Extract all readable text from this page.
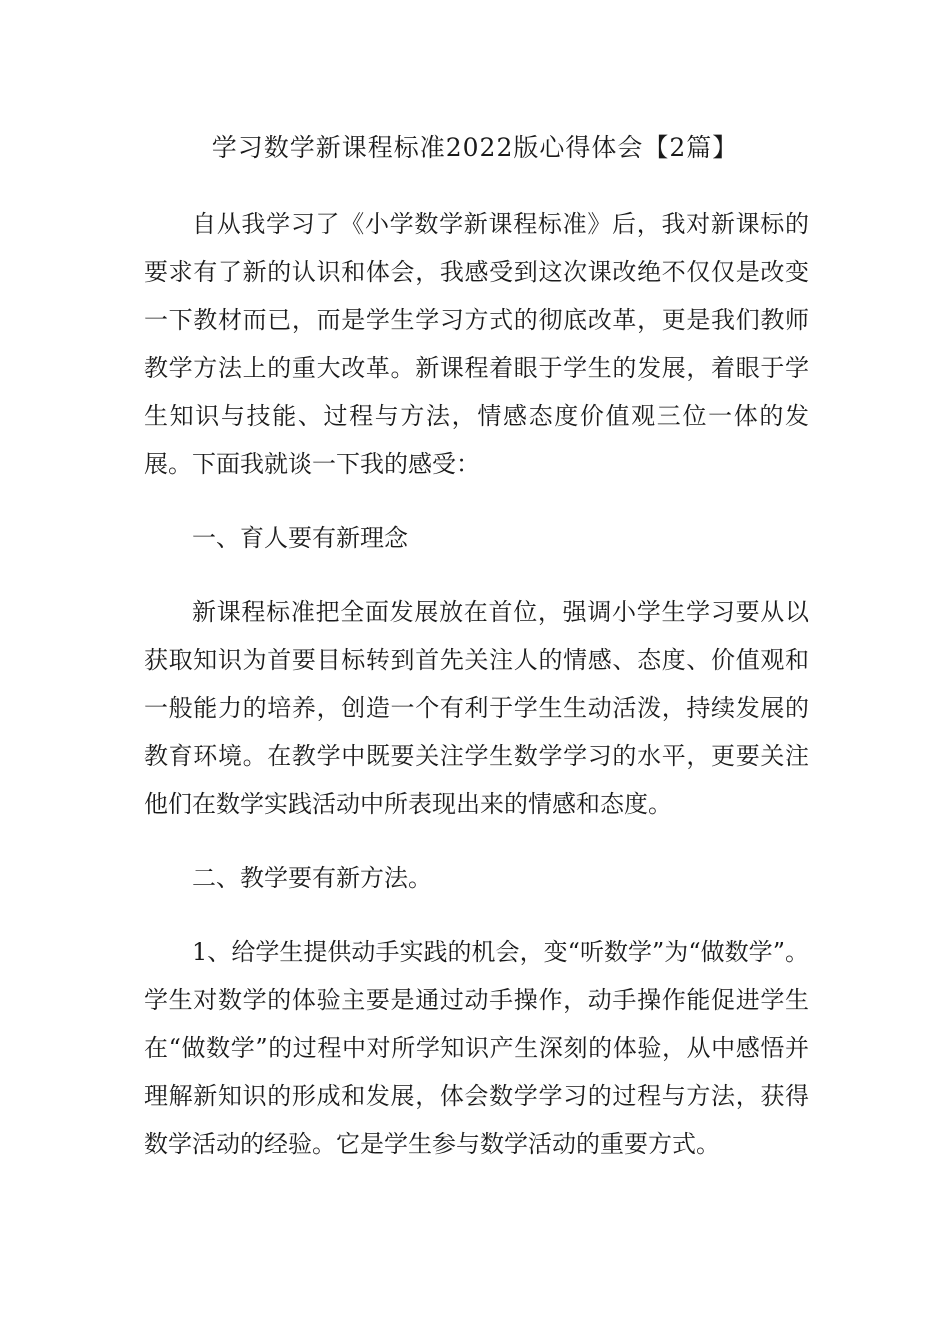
学习数学新课程标准2022版心得体会【2篇】

自从我学习了《小学数学新课程标准》后，我对新课标的要求有了新的认识和体会，我感受到这次课改绝不仅仅是改变一下教材而已，而是学生学习方式的彻底改革，更是我们教师教学方法上的重大改革。新课程着眼于学生的发展，着眼于学生知识与技能、过程与方法，情感态度价值观三位一体的发展。下面我就谈一下我的感受：

一、育人要有新理念

新课程标准把全面发展放在首位，强调小学生学习要从以获取知识为首要目标转到首先关注人的情感、态度、价值观和一般能力的培养，创造一个有利于学生生动活泼，持续发展的教育环境。在教学中既要关注学生数学学习的水平，更要关注他们在数学实践活动中所表现出来的情感和态度。

二、教学要有新方法。

1、给学生提供动手实践的机会，变“听数学”为“做数学”。学生对数学的体验主要是通过动手操作，动手操作能促进学生在“做数学”的过程中对所学知识产生深刻的体验，从中感悟并理解新知识的形成和发展，体会数学学习的过程与方法，获得数学活动的经验。它是学生参与数学活动的重要方式。
